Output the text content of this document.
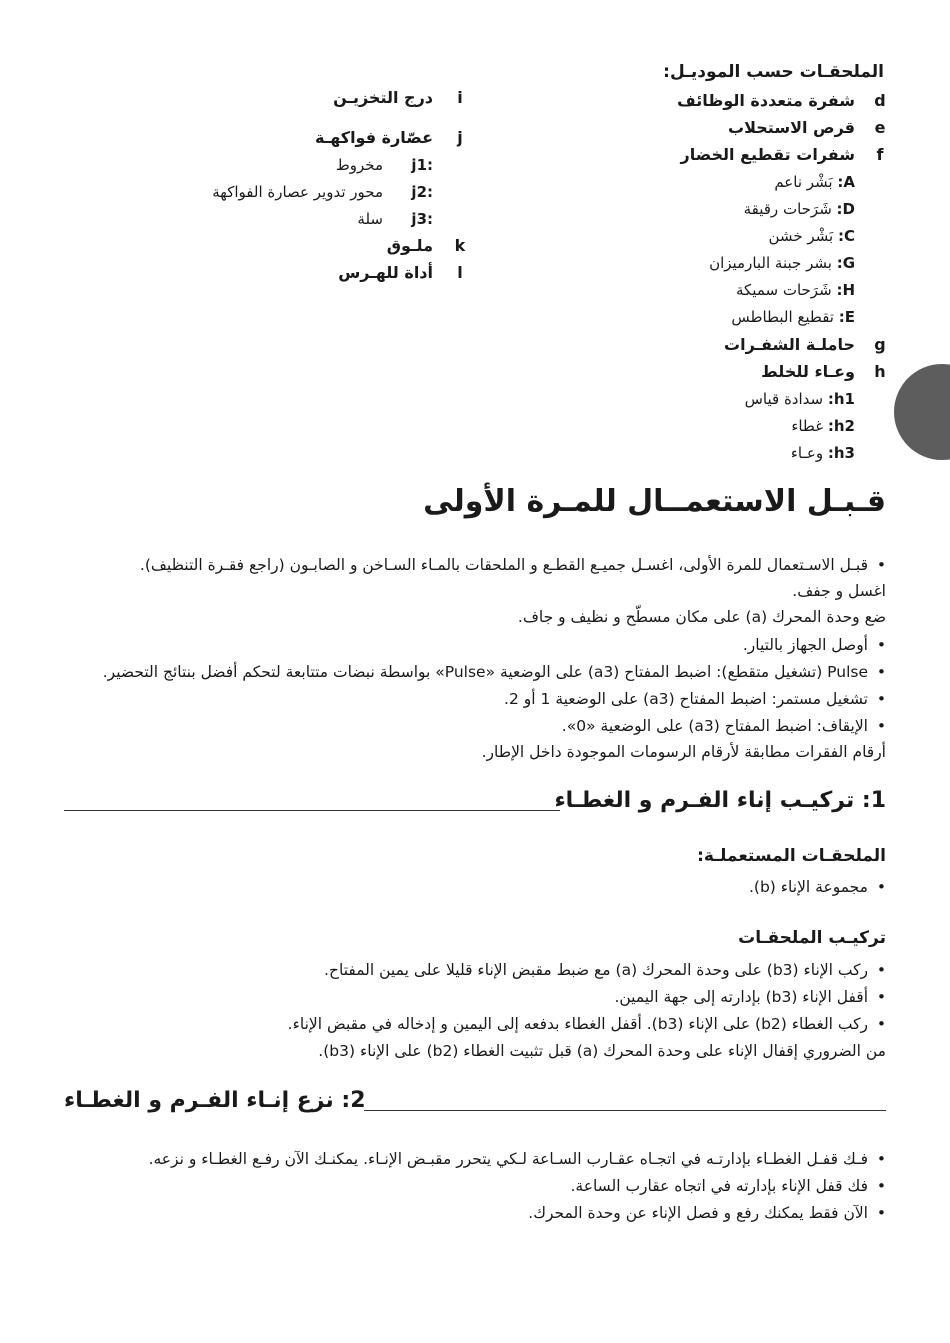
الملحقـات حسب الموديـل:
d
شفرة متعددة الوظائف
e
قرص الاستحلاب
f
شفرات تقطيع الخضار
A: بَشْر ناعم
D: شَرَحات رقيقة
C: بَشْر خشن
G: بشر جبنة البارميزان
H: شَرَحات سميكة
E: تقطيع البطاطس
g
حاملـة الشفـرات
h
وعـاء للخلط
h1: سدادة قياس
h2: غطاء
h3: وعـاء
i
درج التخزيـن
j
عصّارة فواكهـة
j1:
مخروط
j2:
محور تدوير عصارة الفواكهة
j3:
سلة
k
ملـوق
l
أداة للهـرس
قـبـل الاستعمــال للمـرة الأولى
• قبـل الاسـتعمال للمرة الأولى، اغسـل جميـع القطـع و الملحقات بالمـاء السـاخن و الصابـون (راجع فقـرة التنظيف).
اغسل و جفف.
ضع وحدة المحرك (a) على مكان مسطّح و نظيف و جاف.
• أوصل الجهاز بالتيار.
• Pulse (تشغيل متقطع): اضبط المفتاح (a3) على الوضعية «Pulse» بواسطة نبضات متتابعة لتحكم أفضل بنتائج التحضير.
• تشغيل مستمر: اضبط المفتاح (a3) على الوضعية 1 أو 2.
• الإيقاف: اضبط المفتاح (a3) على الوضعية «0».
أرقام الفقرات مطابقة لأرقام الرسومات الموجودة داخل الإطار.
1: تركيـب إناء الفـرم و الغطـاء
الملحقـات المستعملـة:
• مجموعة الإناء (b).
تركيـب الملحقـات
• ركب الإناء (b3) على وحدة المحرك (a) مع ضبط مقبض الإناء قليلا على يمين المفتاح.
• أقفل الإناء (b3) بإدارته إلى جهة اليمين.
• ركب الغطاء (b2) على الإناء (b3). أقفل الغطاء بدفعه إلى اليمين و إدخاله في مقبض الإناء.
من الضروري إقفال الإناء على وحدة المحرك (a) قبل تثبيت الغطاء (b2) على الإناء (b3).
2: نزع إنـاء الفـرم و الغطـاء
• فـك قفـل الغطـاء بإدارتـه في اتجـاه عقـارب السـاعة لـكي يتحرر مقبـض الإنـاء. يمكنـك الآن رفـع الغطـاء و نزعه.
• فك قفل الإناء بإدارته في اتجاه عقارب الساعة.
• الآن فقط يمكنك رفع و فصل الإناء عن وحدة المحرك.
